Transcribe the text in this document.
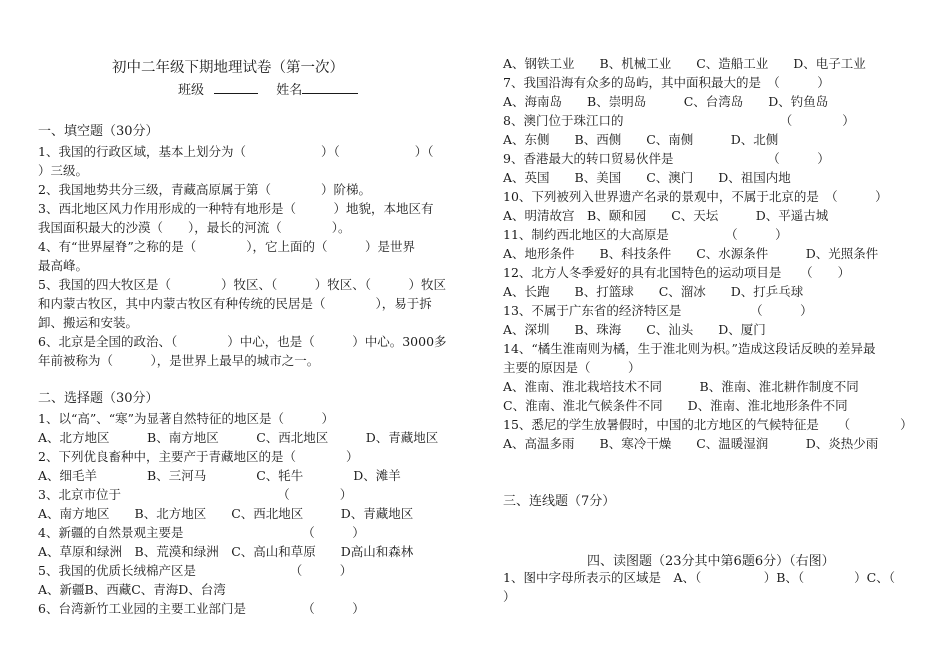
初中二年级下期地理试卷（第一次）
班级	姓名
一、填空题（30分）
1、我国的行政区域，基本上划分为（　　　　　　）（　　　　　　）（
）三级。
2、我国地势共分三级，青藏高原属于第（　　　　）阶梯。
3、西北地区风力作用形成的一种特有地形是（　　　）地貌，本地区有
我国面积最大的沙漠（　　），最长的河流（　　　　）。
4、有“世界屋脊”之称的是（　　　　），它上面的（　　　）是世界
最高峰。
5、我国的四大牧区是（　　　　）牧区、（　　　）牧区、（　　　）牧区
和内蒙古牧区，其中内蒙古牧区有种传统的民居是（　　　　），易于拆
卸、搬运和安装。
6、北京是全国的政治、（　　　　）中心，也是（　　　）中心。3000多
年前被称为（　　　），是世界上最早的城市之一。
二、选择题（30分）
1、以“高”、“寒”为显著自然特征的地区是（　　　）
A、北方地区　　　B、南方地区　　　C、西北地区　　　D、青藏地区
2、下列优良畜种中，主要产于青藏地区的是（　　　　）
A、细毛羊　　　　B、三河马　　　　C、牦牛　　　　D、滩羊
3、北京市位于　　　　　　　　　　　　　（　　　　）
A、南方地区　　B、北方地区　　C、西北地区　　　D、青藏地区
4、新疆的自然景观主要是　　　　　　　　　　（　　　）
A、草原和绿洲　B、荒漠和绿洲　C、高山和草原　　D高山和森林
5、我国的优质长绒棉产区是　　　　　　　　（　　　）
A、新疆B、西藏C、青海D、台湾
6、台湾新竹工业园的主要工业部门是　　　　　（　　　）
A、钢铁工业　　B、机械工业　　C、造船工业　　D、电子工业
7、我国沿海有众多的岛屿，其中面积最大的是　（　　　）
A、海南岛　　B、崇明岛　　　C、台湾岛　　D、钓鱼岛
8、澳门位于珠江口的　　　　　　　　　　　　　（　　　　）
A、东侧　　B、西侧　　C、南侧　　　D、北侧
9、香港最大的转口贸易伙伴是　　　　　　　　（　　　）
A、英国　　B、美国　　C、澳门　　D、祖国内地
10、下列被列入世界遗产名录的景观中，不属于北京的是　（　　　）
A、明清故宫　B、颐和园　　C、天坛　　　D、平遥古城
11、制约西北地区的大高原是　　　　　（　　　）
A、地形条件　　B、科技条件　　C、水源条件　　　D、光照条件
12、北方人冬季爱好的具有北国特色的运动项目是　　（　　）
A、长跑　　B、打篮球　　C、溜冰　　D、打乒乓球
13、不属于广东省的经济特区是　　　　　　（　　　）
A、深圳　　B、珠海　　C、汕头　　D、厦门
14、“橘生淮南则为橘，生于淮北则为枳。”造成这段话反映的差异最
主要的原因是（　　　）
A、淮南、淮北栽培技术不同　　　B、淮南、淮北耕作制度不同
C、淮南、淮北气候条件不同　　D、淮南、淮北地形条件不同
15、悉尼的学生放暑假时，中国的北方地区的气候特征是　　（　　　　）
A、高温多雨　　B、寒冷干燥　　C、温暖湿润　　　D、炎热少雨
三、连线题（7分）
四、读图题（23分其中第6题6分）（右图）
1、图中字母所表示的区域是　A、（　　　　　）B、（　　　　）C、（
）
